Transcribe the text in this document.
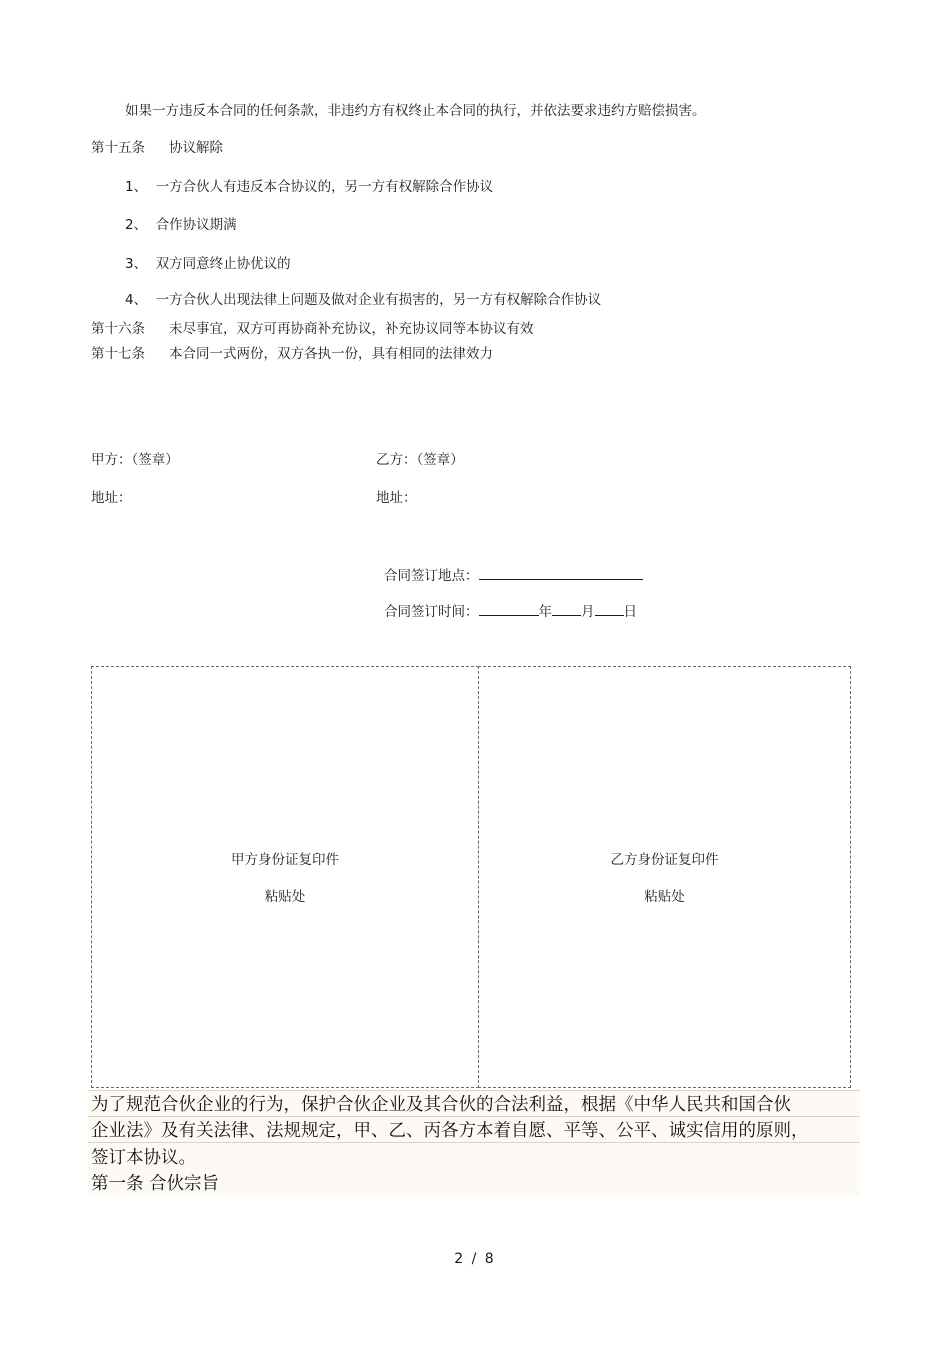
如果一方违反本合同的任何条款，非违约方有权终止本合同的执行，并依法要求违约方赔偿损害。
第十五条 协议解除
1、 一方合伙人有违反本合协议的，另一方有权解除合作协议
2、 合作协议期满
3、 双方同意终止协优议的
4、 一方合伙人出现法律上问题及做对企业有损害的，另一方有权解除合作协议
第十六条 未尽事宜，双方可再协商补充协议，补充协议同等本协议有效
第十七条 本合同一式两份，双方各执一份，具有相同的法律效力
甲方：（签章）	乙方：（签章）
地址：	地址：
合同签订地点：
合同签订时间：	年 月 日
甲方身份证复印件
粘贴处
乙方身份证复印件
粘贴处
为了规范合伙企业的行为，保护合伙企业及其合伙的合法利益，根据《中华人民共和国合伙
企业法》及有关法律、法规规定，甲、乙、丙各方本着自愿、平等、公平、诚实信用的原则，
签订本协议。
第一条 合伙宗旨
2 / 8
